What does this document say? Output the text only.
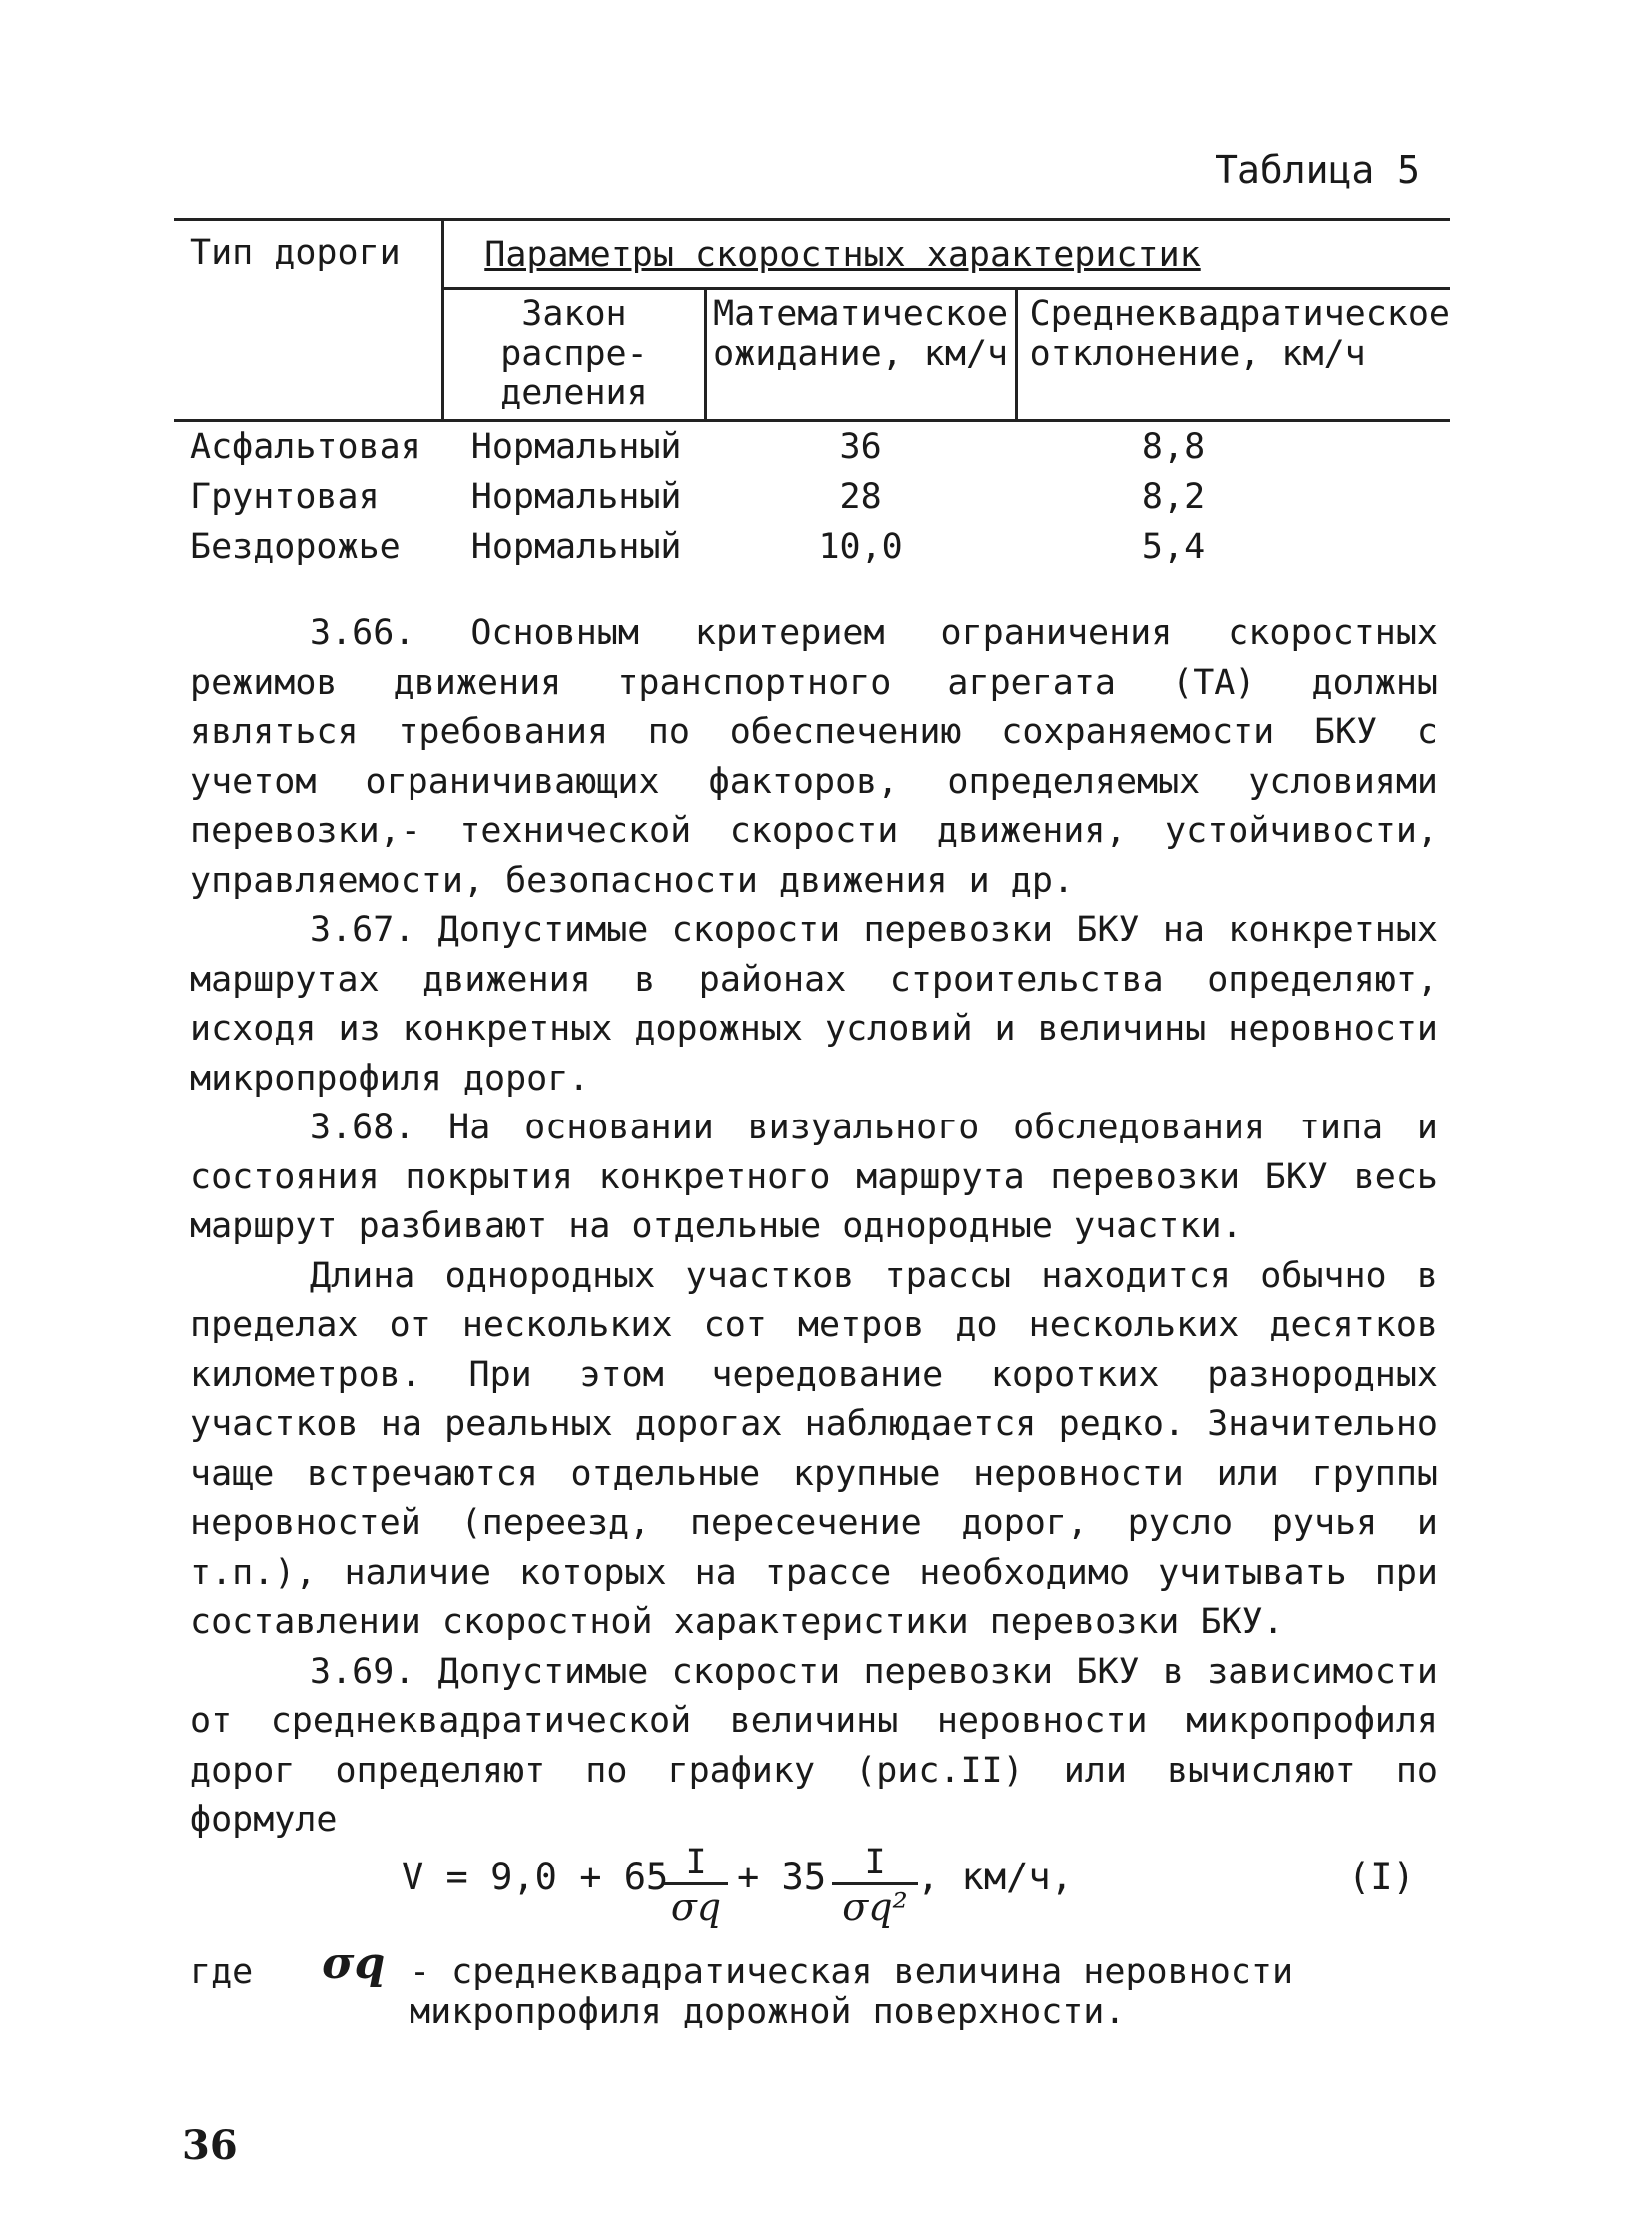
Таблица 5
Тип дороги	Параметры скоростных характеристик		
	Закон распре- деления	Математическое ожидание, км/ч	Среднеквадратическое отклонение, км/ч
Асфальтовая	Нормальный	36	8,8
Грунтовая	Нормальный	28	8,2
Бездорожье	Нормальный	10,0	5,4

3.66. Основным критерием ограничения скоростных режимов движения транспортного агрегата (ТА) должны являться требования по обеспечению сохраняемости БКУ с учетом ограничивающих факторов, определяемых условиями перевозки,- технической скорости движения, устойчивости, управляемости, безопасности движения и др.

3.67. Допустимые скорости перевозки БКУ на конкретных маршрутах движения в районах строительства определяют, исходя из конкретных дорожных условий и величины неровности микропрофиля дорог.

3.68. На основании визуального обследования типа и состояния покрытия конкретного маршрута перевозки БКУ весь маршрут разбивают на отдельные однородные участки.

Длина однородных участков трассы находится обычно в пределах от нескольких сот метров до нескольких десятков километров. При этом чередование коротких разнородных участков на реальных дорогах наблюдается редко. Значительно чаще встречаются отдельные крупные неровности или группы неровностей (переезд, пересечение дорог, русло ручья и т.п.), наличие которых на трассе необходимо учитывать при составлении скоростной характеристики перевозки БКУ.

3.69. Допустимые скорости перевозки БКУ в зависимости от среднеквадратической величины неровности микропрофиля дорог определяют по графику (рис.II) или вычисляют по формуле

V = 9,0 + 65
$\frac{I}{\sigma q} + 35 \frac{I}{\text{σq²}}$ , км/ч,	(I)
где σq - среднеквадратическая величина неровности микропрофиля дорожной поверхности.
36
